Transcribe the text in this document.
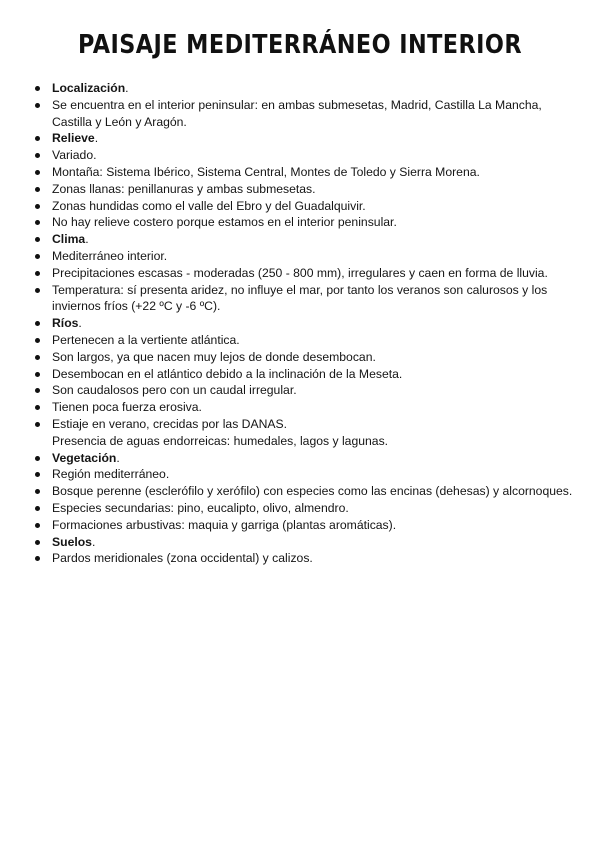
PAISAJE MEDITERRÁNEO INTERIOR
Localización.
Se encuentra en el interior peninsular: en ambas submesetas, Madrid, Castilla La Mancha, Castilla y León y Aragón.
Relieve.
Variado.
Montaña: Sistema Ibérico, Sistema Central, Montes de Toledo y Sierra Morena.
Zonas llanas: penillanuras y ambas submesetas.
Zonas hundidas como el valle del Ebro y del Guadalquivir.
No hay relieve costero porque estamos en el interior peninsular.
Clima.
Mediterráneo interior.
Precipitaciones escasas - moderadas (250 - 800 mm), irregulares y caen en forma de lluvia.
Temperatura: sí presenta aridez, no influye el mar, por tanto los veranos son calurosos y los inviernos fríos (+22 ºC y -6 ºC).
Ríos.
Pertenecen a la vertiente atlántica.
Son largos, ya que nacen muy lejos de donde desembocan.
Desembocan en el atlántico debido a la inclinación de la Meseta.
Son caudalosos pero con un caudal irregular.
Tienen poca fuerza erosiva.
Estiaje en verano, crecidas por las DANAS.
Presencia de aguas endorreicas: humedales, lagos y lagunas.
Vegetación.
Región mediterráneo.
Bosque perenne (esclerófilo y xerófilo) con especies como las encinas (dehesas) y alcornoques.
Especies secundarias: pino, eucalipto, olivo, almendro.
Formaciones arbustivas: maquia y garriga (plantas aromáticas).
Suelos.
Pardos meridionales (zona occidental) y calizos.
